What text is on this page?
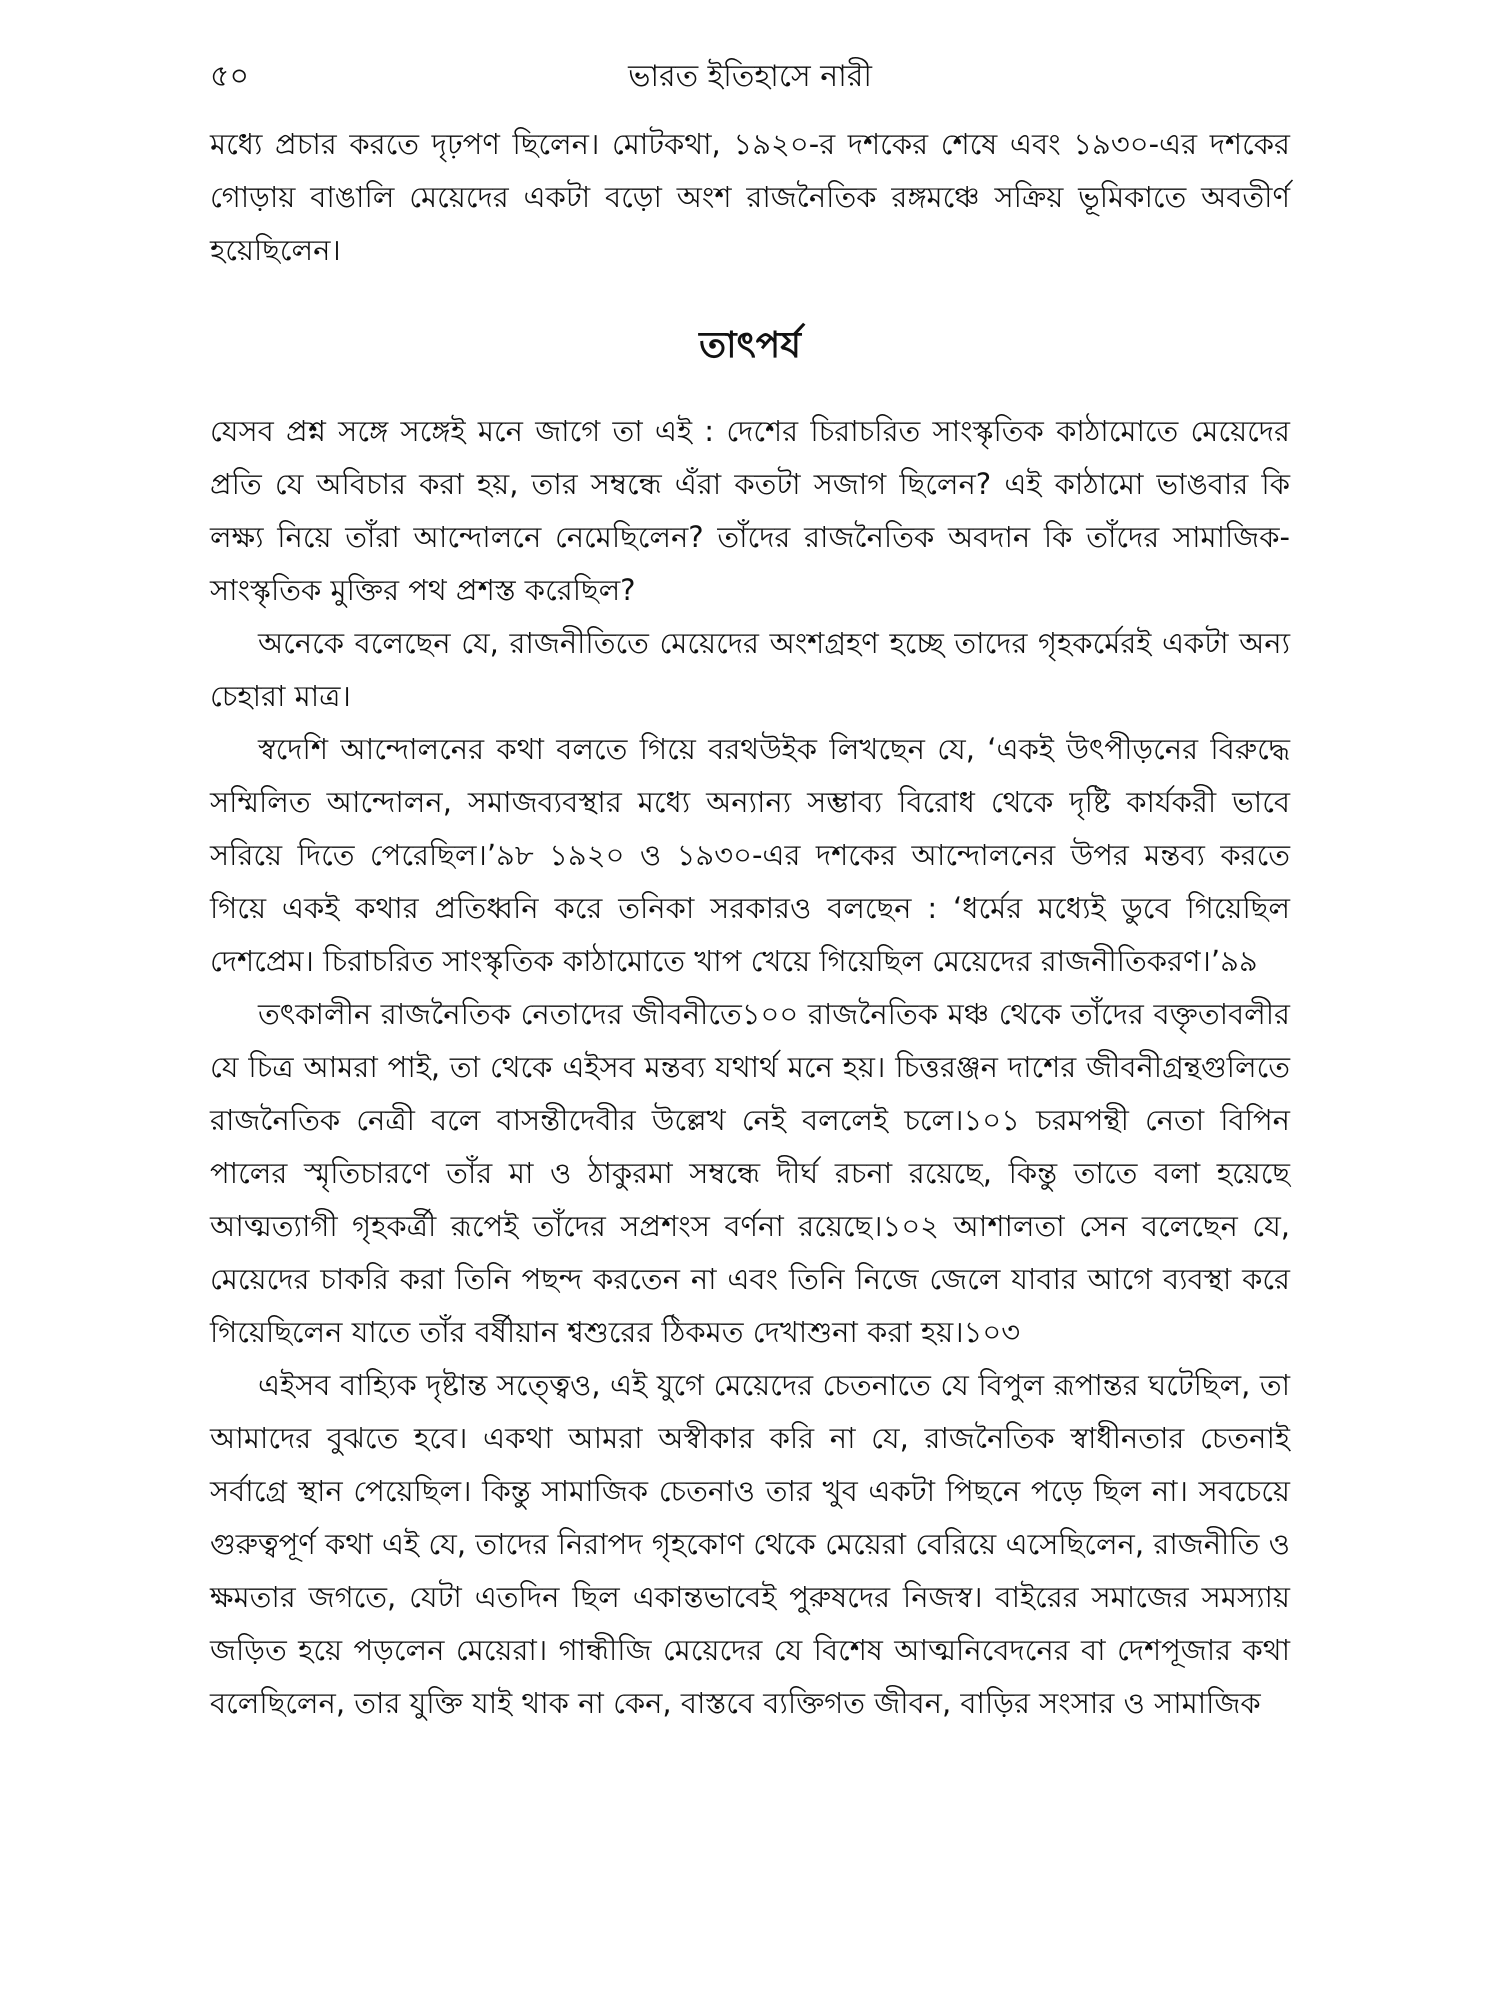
৫০	ভারত ইতিহাসে নারী

মধ্যে প্রচার করতে দৃঢ়পণ ছিলেন। মোটকথা, ১৯২০-র দশকের শেষে এবং ১৯৩০-এর দশকের গোড়ায় বাঙালি মেয়েদের একটা বড়ো অংশ রাজনৈতিক রঙ্গমঞ্চে সক্রিয় ভূমিকাতে অবতীর্ণ হয়েছিলেন।

তাৎপর্য

যেসব প্রশ্ন সঙ্গে সঙ্গেই মনে জাগে তা এই : দেশের চিরাচরিত সাংস্কৃতিক কাঠামোতে মেয়েদের প্রতি যে অবিচার করা হয়, তার সম্বন্ধে এঁরা কতটা সজাগ ছিলেন? এই কাঠামো ভাঙবার কি লক্ষ্য নিয়ে তাঁরা আন্দোলনে নেমেছিলেন? তাঁদের রাজনৈতিক অবদান কি তাঁদের সামাজিক-সাংস্কৃতিক মুক্তির পথ প্রশস্ত করেছিল?

অনেকে বলেছেন যে, রাজনীতিতে মেয়েদের অংশগ্রহণ হচ্ছে তাদের গৃহকর্মেরই একটা অন্য চেহারা মাত্র।

স্বদেশি আন্দোলনের কথা বলতে গিয়ে বরথউইক লিখছেন যে, ‘একই উৎপীড়নের বিরুদ্ধে সম্মিলিত আন্দোলন, সমাজব্যবস্থার মধ্যে অন্যান্য সম্ভাব্য বিরোধ থেকে দৃষ্টি কার্যকরী ভাবে সরিয়ে দিতে পেরেছিল।’৯৮ ১৯২০ ও ১৯৩০-এর দশকের আন্দোলনের উপর মন্তব্য করতে গিয়ে একই কথার প্রতিধ্বনি করে তনিকা সরকারও বলছেন : ‘ধর্মের মধ্যেই ডুবে গিয়েছিল দেশপ্রেম। চিরাচরিত সাংস্কৃতিক কাঠামোতে খাপ খেয়ে গিয়েছিল মেয়েদের রাজনীতিকরণ।’৯৯

তৎকালীন রাজনৈতিক নেতাদের জীবনীতে১০০ রাজনৈতিক মঞ্চ থেকে তাঁদের বক্তৃতাবলীর যে চিত্র আমরা পাই, তা থেকে এইসব মন্তব্য যথার্থ মনে হয়। চিত্তরঞ্জন দাশের জীবনীগ্রন্থগুলিতে রাজনৈতিক নেত্রী বলে বাসন্তীদেবীর উল্লেখ নেই বললেই চলে।১০১ চরমপন্থী নেতা বিপিন পালের স্মৃতিচারণে তাঁর মা ও ঠাকুরমা সম্বন্ধে দীর্ঘ রচনা রয়েছে, কিন্তু তাতে বলা হয়েছে আত্মত্যাগী গৃহকর্ত্রী রূপেই তাঁদের সপ্রশংস বর্ণনা রয়েছে।১০২ আশালতা সেন বলেছেন যে, মেয়েদের চাকরি করা তিনি পছন্দ করতেন না এবং তিনি নিজে জেলে যাবার আগে ব্যবস্থা করে গিয়েছিলেন যাতে তাঁর বর্ষীয়ান শ্বশুরের ঠিকমত দেখাশুনা করা হয়।১০৩

এইসব বাহ্যিক দৃষ্টান্ত সত্ত্বেও, এই যুগে মেয়েদের চেতনাতে যে বিপুল রূপান্তর ঘটেছিল, তা আমাদের বুঝতে হবে। একথা আমরা অস্বীকার করি না যে, রাজনৈতিক স্বাধীনতার চেতনাই সর্বাগ্রে স্থান পেয়েছিল। কিন্তু সামাজিক চেতনাও তার খুব একটা পিছনে পড়ে ছিল না। সবচেয়ে গুরুত্বপূর্ণ কথা এই যে, তাদের নিরাপদ গৃহকোণ থেকে মেয়েরা বেরিয়ে এসেছিলেন, রাজনীতি ও ক্ষমতার জগতে, যেটা এতদিন ছিল একান্তভাবেই পুরুষদের নিজস্ব। বাইরের সমাজের সমস্যায় জড়িত হয়ে পড়লেন মেয়েরা। গান্ধীজি মেয়েদের যে বিশেষ আত্মনিবেদনের বা দেশপূজার কথা বলেছিলেন, তার যুক্তি যাই থাক না কেন, বাস্তবে ব্যক্তিগত জীবন, বাড়ির সংসার ও সামাজিক
